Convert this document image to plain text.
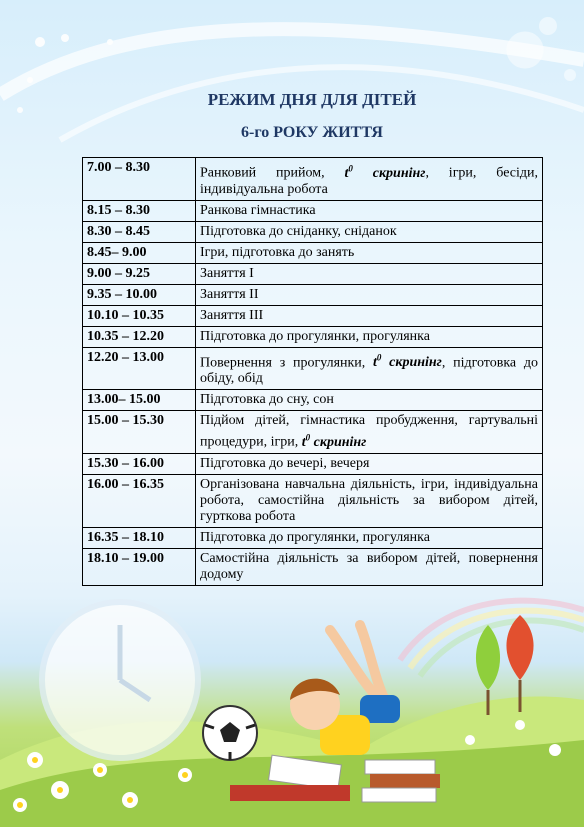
РЕЖИМ ДНЯ ДЛЯ ДІТЕЙ
6-го РОКУ ЖИТТЯ
7.00 – 8.30	Ранковий прийом, $t^0$ скринінг, ігри, бесіди, індивідуальна робота
8.15 – 8.30	Ранкова гімнастика
8.30 – 8.45	Підготовка до сніданку, сніданок
8.45– 9.00	Ігри, підготовка до занять
9.00 – 9.25	Заняття І
9.35 – 10.00	Заняття ІІ
10.10 – 10.35	Заняття ІІІ
10.35 – 12.20	Підготовка до прогулянки, прогулянка
12.20 – 13.00	Повернення з прогулянки, $t^0$ скринінг, підготовка до обіду, обід
13.00– 15.00	Підготовка до сну, сон
15.00 – 15.30	Підйом дітей, гімнастика пробудження, гартувальні процедури, ігри, $t^0$ скринінг
15.30 – 16.00	Підготовка до вечері, вечеря
16.00 – 16.35	Організована навчальна діяльність, ігри, індивідуальна робота, самостійна діяльність за вибором дітей, гурткова робота
16.35 – 18.10	Підготовка до прогулянки, прогулянка
18.10 – 19.00	Самостійна діяльність за вибором дітей, повернення додому
